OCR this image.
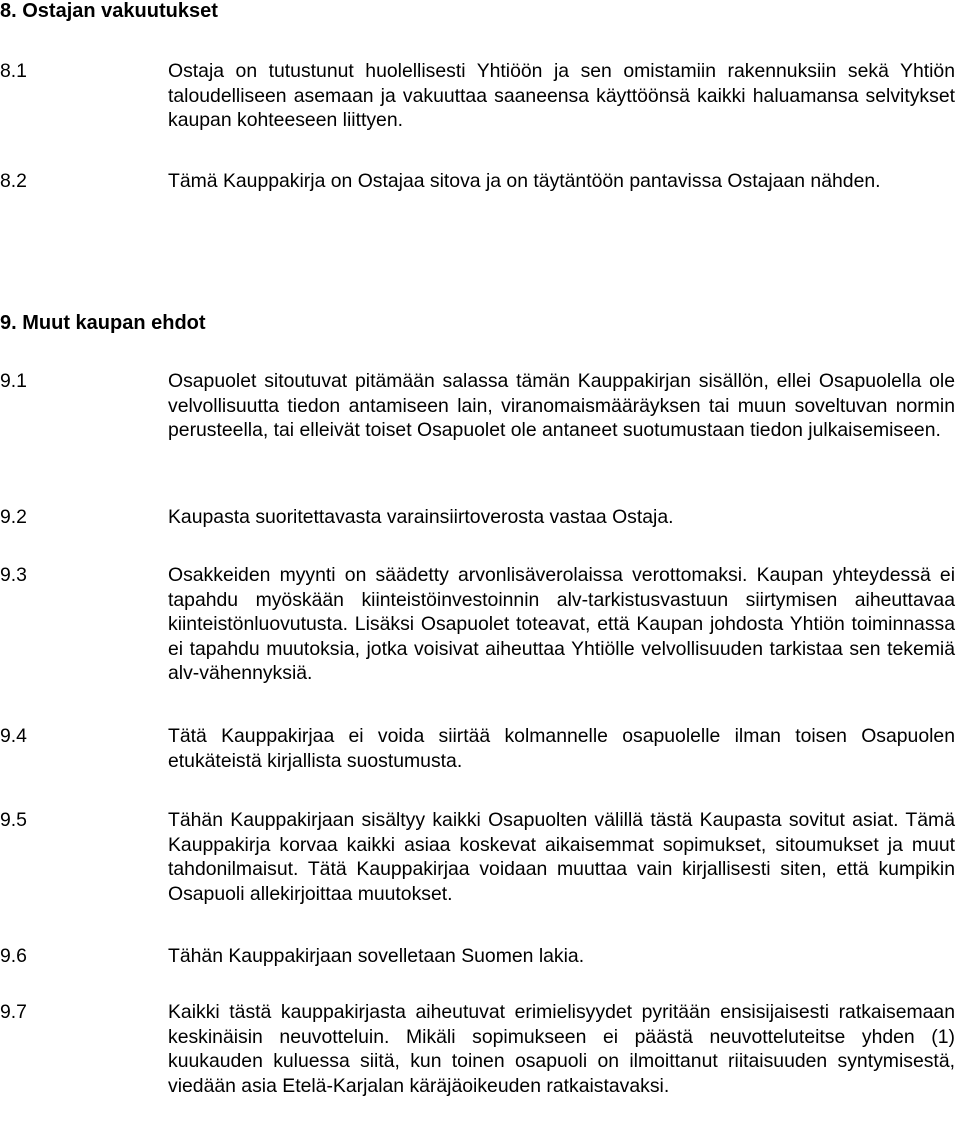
8. Ostajan vakuutukset
8.1	Ostaja on tutustunut huolellisesti Yhtiöön ja sen omistamiin rakennuksiin sekä Yhtiön taloudelliseen asemaan ja vakuuttaa saaneensa käyttöönsä kaikki haluamansa selvitykset kaupan kohteeseen liittyen.
8.2	Tämä Kauppakirja on Ostajaa sitova ja on täytäntöön pantavissa Ostajaan nähden.
9. Muut kaupan ehdot
9.1	Osapuolet sitoutuvat pitämään salassa tämän Kauppakirjan sisällön, ellei Osapuolella ole velvollisuutta tiedon antamiseen lain, viranomaismääräyksen tai muun soveltuvan normin perusteella, tai elleivät toiset Osapuolet ole antaneet suotumustaan tiedon julkaisemiseen.
9.2	Kaupasta suoritettavasta varainsiirtoverosta vastaa Ostaja.
9.3	Osakkeiden myynti on säädetty arvonlisäverolaissa verottomaksi. Kaupan yhteydessä ei tapahdu myöskään kiinteistöinvestoinnin alv-tarkistusvastuun siirtymisen aiheuttavaa kiinteistönluovutusta. Lisäksi Osapuolet toteavat, että Kaupan johdosta Yhtiön toiminnassa ei tapahdu muutoksia, jotka voisivat aiheuttaa Yhtiölle velvollisuuden tarkistaa sen tekemiä alv-vähennyksiä.
9.4	Tätä Kauppakirjaa ei voida siirtää kolmannelle osapuolelle ilman toisen Osapuolen etukäteistä kirjallista suostumusta.
9.5	Tähän Kauppakirjaan sisältyy kaikki Osapuolten välillä tästä Kaupasta sovitut asiat. Tämä Kauppakirja korvaa kaikki asiaa koskevat aikaisemmat sopimukset, sitoumukset ja muut tahdonilmaisut. Tätä Kauppakirjaa voidaan muuttaa vain kirjallisesti siten, että kumpikin Osapuoli allekirjoittaa muutokset.
9.6	Tähän Kauppakirjaan sovelletaan Suomen lakia.
9.7	Kaikki tästä kauppakirjasta aiheutuvat erimielisyydet pyritään ensisijaisesti ratkaisemaan keskinäisin neuvotteluin. Mikäli sopimukseen ei päästä neuvotteluteitse yhden (1) kuukauden kuluessa siitä, kun toinen osapuoli on ilmoittanut riitaisuuden syntymisestä, viedään asia Etelä-Karjalan käräjäoikeuden ratkaistavaksi.
